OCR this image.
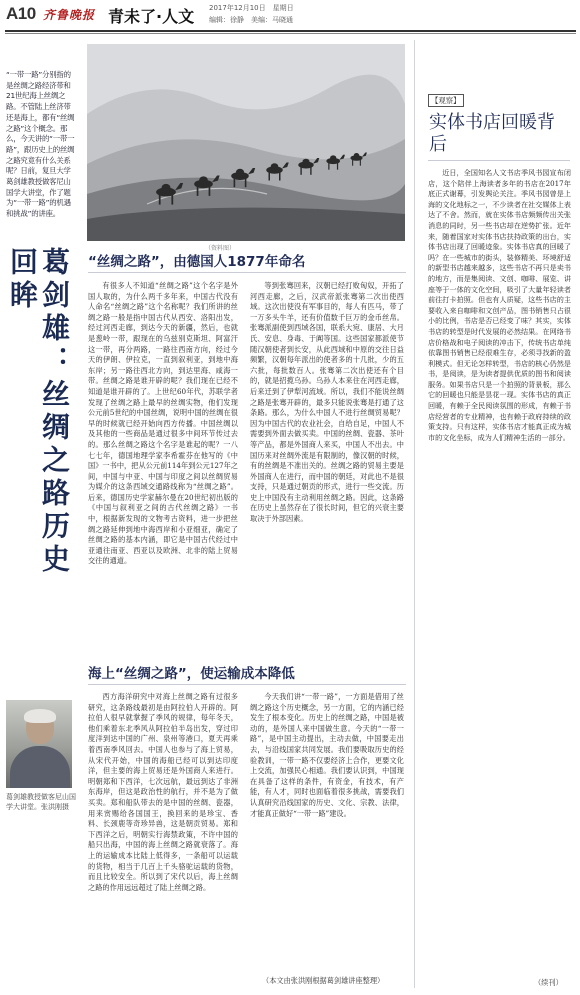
A10 齐鲁晚报 青未了·人文 2017年12月10日　星期日
编辑：徐静　美编：马晓通
“一带一路”分别指的是丝绸之路经济带和21世纪海上丝绸之路。不管陆上丝济带还是海上，都有“丝绸之路”这个概念。那么，今天讲的“一带一路”，跟历史上的丝绸之路究竟有什么关系呢？日前，复旦大学葛剑雄教授做客尼山国学大讲堂，作了题为“一带一路”的机遇和挑战”的讲座。
葛剑雄：丝绸之路历史回眸
葛剑雄教授做客尼山国学大讲堂。张洪刚摄
（资料图）
“丝绸之路”，由德国人1877年命名
有很多人不知道“丝绸之路”这个名字是外国人取的，为什么两千多年来，中国古代没有人命名“丝绸之路”这个名称呢？我们所讲的丝绸之路一般是指中国古代从西安、洛阳出发，经过河西走廊，到达今天的新疆，然后，也就是葱岭一带，跟现在的乌兹别克斯坦、阿富汗这一带，再分两路，一路往西南方向，经过今天的伊朗、伊拉克，一直到叙利亚，到地中海东岸；另一路往西北方向，到达里海、咸海一带。丝绸之路是谁开辟的呢？我们现在已经不知道是谁开辟的了。上世纪60年代，苏联学者发现了丝绸之路上最早的丝绸实物，他们发现公元前5世纪的中国丝绸，说明中国的丝绸在很早的时候就已经开始向西方传播。中国丝绸以及其他的一些商品是通过很多中间环节传过去的。那么丝绸之路这个名字是谁起的呢？一八七七年，德国地理学家李希霍芬在他写的《中国》一书中，把从公元前114年到公元127年之间，中国与中亚、中国与印度之间以丝绸贸易为媒介的这条西域交通路线称为“丝绸之路”。后来，德国历史学家赫尔曼在20世纪初出版的《中国与叙利亚之间的古代丝绸之路》一书中，根据新发现的文物考古资料，进一步把丝绸之路延伸到地中海西岸和小亚细亚，确定了丝绸之路的基本内涵，即它是中国古代经过中亚通往南亚、西亚以及欧洲、北非的陆上贸易交往的通道。
等到张骞回来，汉朝已经打败匈奴，开拓了河西走廊，之后，汉武帝派张骞第二次出使西域。这次出使没有军事目的，每人有匹马，带了一万多头牛羊，还有价值数千巨万的金币丝帛。张骞派副使到西域各国，联系大宛、康居、大月氏、安息、身毒、于阗等国。这些国家都派使节随汉朝使者到长安，从此西域和中原的交往日益频繁，汉朝每年派出的使者多的十几批，少的五六批，每批数百人。张骞第二次出使还有个目的，就是招揽乌孙。乌孙人本来住在河西走廊，后来迁到了伊犁河流域。所以，我们不能说丝绸之路是张骞开辟的，最多只能说张骞是打通了这条路。那么，为什么中国人不进行丝绸贸易呢？因为中国古代的农业社会，自给自足，中国人不需要到外面去做买卖。中国的丝绸、瓷器、茶叶等产品，都是外国商人来买，中国人不出去。中国历来对丝绸外流是有限制的，像汉朝的时候，有的丝绸是不准出关的。丝绸之路的贸易主要是外国商人在进行，而中国的朝廷，对此也不是很支持，只是通过朝贡的形式，进行一些交流。历史上中国没有主动利用丝绸之路。因此，这条路在历史上虽然存在了很长时间，但它的兴衰主要取决于外部因素。
海上“丝绸之路”，使运输成本降低
西方海洋研究中对海上丝绸之路有过很多研究，这条路线最初是由阿拉伯人开辟的。阿拉伯人很早就掌握了季风的规律，每年冬天，他们乘着东北季风从阿拉伯半岛出发，穿过印度洋到达中国的广州、泉州等港口，夏天再乘着西南季风回去。中国人也参与了海上贸易，从宋代开始，中国的海船已经可以到达印度洋，但主要的海上贸易还是外国商人来进行。明朝郑和下西洋，七次远航，最远到达了非洲东海岸，但这是政治性的航行，并不是为了做买卖。郑和船队带去的是中国的丝绸、瓷器，用来赏赐给各国国王，换回来的是珍宝、香料、长颈鹿等奇珍异兽，这是朝贡贸易。郑和下西洋之后，明朝实行海禁政策，不许中国的船只出海，中国的海上丝绸之路就衰落了。海上的运输成本比陆上低得多，一条船可以运载的货物，相当于几百上千头骆驼运载的货物，而且比较安全。所以到了宋代以后，海上丝绸之路的作用远远超过了陆上丝绸之路。
今天我们讲“一带一路”，一方面是借用了丝绸之路这个历史概念，另一方面，它的内涵已经发生了根本变化。历史上的丝绸之路，中国是被动的，是外国人来中国做生意。今天的“一带一路”，是中国主动提出，主动去做，中国要走出去，与沿线国家共同发展。我们要吸取历史的经验教训，一带一路不仅要经济上合作，更要文化上交流，加强民心相通。我们要认识到，中国现在具备了这样的条件，有资金，有技术，有产能，有人才，同时也面临着很多挑战，需要我们认真研究沿线国家的历史、文化、宗教、法律，才能真正做好“一带一路”建设。
（本文由张洪刚根据葛剑雄讲座整理）
【观察】
实体书店回暖背后
近日，全国知名人文书店季风书园宣布闭店，这个陪伴上海读者多年的书店在2017年底正式谢幕，引发舆论关注。季风书园曾是上海的文化地标之一，不少读者在社交媒体上表达了不舍。然而，就在实体书店频频传出关张消息的同时，另一些书店却在逆势扩张。近年来，随着国家对实体书店扶持政策的出台，实体书店出现了回暖迹象。实体书店真的回暖了吗？在一些城市的街头，装修精美、环境舒适的新型书店越来越多，这些书店不再只是卖书的地方，而是集阅读、文创、咖啡、展览、讲座等于一体的文化空间，吸引了大量年轻读者前往打卡拍照。但也有人质疑，这些书店的主要收入来自咖啡和文创产品，图书销售只占很小的比例，书店是否已经变了味？其实，实体书店的转型是时代发展的必然结果。在网络书店价格战和电子阅读的冲击下，传统书店单纯依靠图书销售已经很难生存，必须寻找新的盈利模式。但无论怎样转型，书店的核心仍然是书，是阅读，是为读者提供优质的图书和阅读服务。如果书店只是一个拍照的背景板，那么它的回暖也只能是昙花一现。实体书店的真正回暖，有赖于全民阅读氛围的形成，有赖于书店经营者的专业精神，也有赖于政府持续的政策支持。只有这样，实体书店才能真正成为城市的文化坐标，成为人们精神生活的一部分。
（续刊）
